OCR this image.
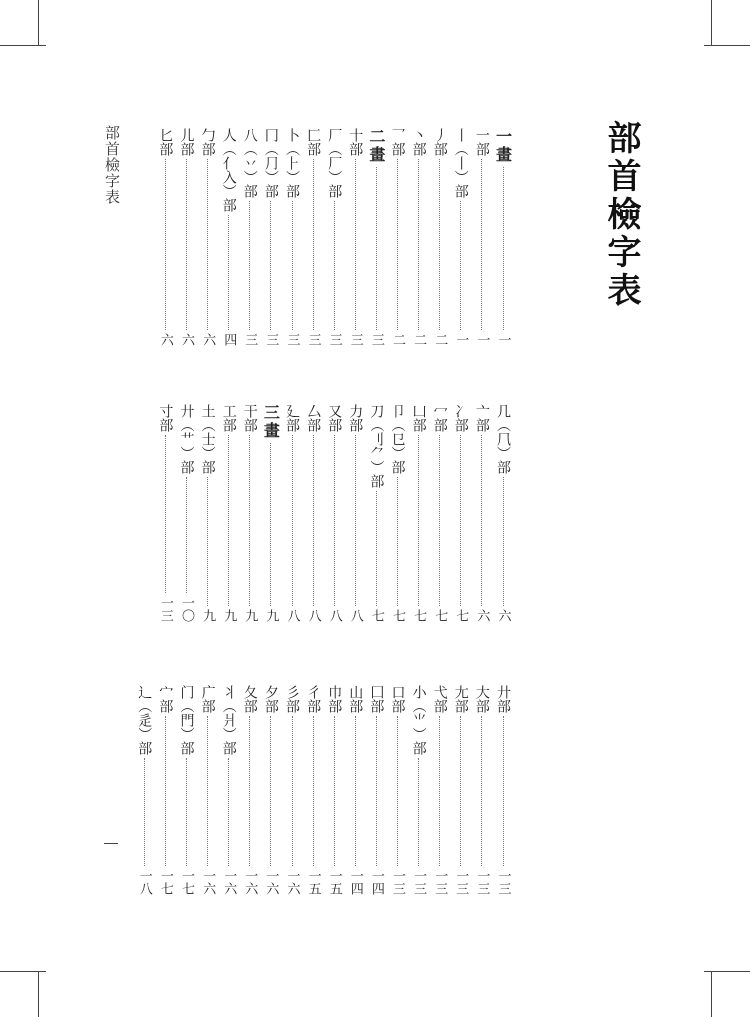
部首檢字表
部首檢字表	一畫
一
一部
一
丨（丨）部
一
丿部
二
丶部
二
乛部
二
二畫
三
十部
三
厂（厂）部
三
匚部
三
卜（⺊）部
三
冂（⺆）部
三
八（丷）部
三
人（亻入）部
四
勹部
六
儿部
六
匕部
六
几（⺇）部
六
亠部
六
冫部
七
冖部
七
凵部
七
卩（㔾）部
七
刀（刂⺈）部
七
力部
八
又部
八
厶部
八
廴部
八
三畫
九
干部
九
工部
九
土（士）部
九
廾（⺾）部
一〇
寸部
一三
廾部
一三
大部
一三
尢部
一三
弋部
一三
小（⺌）部
一三
口部
一三
囗部
一四
山部
一四
巾部
一五
彳部
一五
彡部
一六
夕部
一六
夂部
一六
丬（爿）部
一六
广部
一六
门（門）部
一七
宀部
一七
辶（辵）部
一八
